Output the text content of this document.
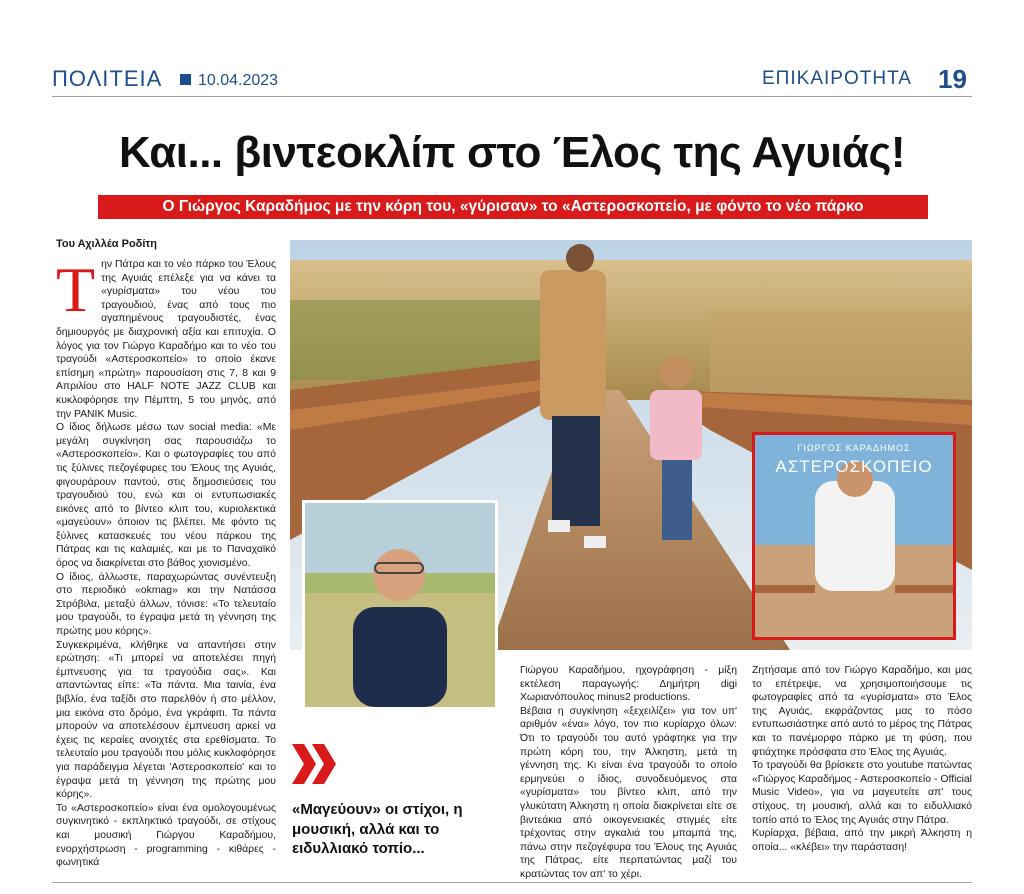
ΠΟΛΙΤΕΙΑ 10.04.2023	ΕΠΙΚΑΙΡΟΤΗΤΑ 19
Και... βιντεοκλίπ στο Έλος της Αγυιάς!
Ο Γιώργος Καραδήμος με την κόρη του, «γύρισαν» το «Αστεροσκοπείο, με φόντο το νέο πάρκο
Του Αχιλλέα Ροδίτη
Τ ην Πάτρα και το νέο πάρκο του Έλους της Αγυιάς επέλεξε για να κάνει τα «γυρίσματα» του νέου του τραγουδιού, ένας από τους πιο αγαπημένους τραγουδιστές, ένας δημιουργός με διαχρονική αξία και επιτυχία. Ο λόγος για τον Γιώργο Καραδήμο και το νέο του τραγούδι «Αστεροσκοπείο» το οποίο έκανε επίσημη «πρώτη» παρουσίαση στις 7, 8 και 9 Απριλίου στο HALF NOTE JAZZ CLUB και κυκλοφόρησε την Πέμπτη, 5 του μηνός, από την PANIK Music.

Ο ίδιος δήλωσε μέσω των social media: «Με μεγάλη συγκίνηση σας παρουσιάζω το «Αστεροσκοπείο». Και ο φωτογραφίες του από τις ξύλινες πεζογέφυρες του Έλους της Αγυιάς, φιγουράρουν παντού, στις δημοσιεύσεις του τραγουδιού του, ενώ και οι εντυπωσιακές εικόνες από το βίντεο κλιπ του, κυριολεκτικά «μαγεύουν» όποιον τις βλέπει. Με φόντο τις ξύλινες κατασκευές του νέου πάρκου της Πάτρας και τις καλαμιές, και με το Παναχαϊκό όρος να διακρίνεται στο βάθος χιονισμένο.

Ο ίδιος, άλλωστε, παραχωρώντας συνέντευξη στο περιοδικό «okmag» και την Νατάσσα Στρόβιλα, μεταξύ άλλων, τόνισε: «Το τελευταίο μου τραγούδι, το έγραψα μετά τη γέννηση της πρώτης μου κόρης».

Συγκεκριμένα, κλήθηκε να απαντήσει στην ερώτηση: «Τι μπορεί να αποτελέσει πηγή έμπνευσης για τα τραγούδια σας». Και απαντώντας είπε: «Τα πάντα. Μια ταινία, ένα βιβλίο, ένα ταξίδι στο παρελθόν ή στο μέλλον, μια εικόνα στο δρόμο, ένα γκράφιτι. Τα πάντα μπορούν να αποτελέσουν έμπνευση αρκεί να έχεις τις κεραίες ανοιχτές στα ερεθίσματα. Το τελευταίο μου τραγούδι που μόλις κυκλοφόρησε για παράδειγμα λέγεται 'Αστεροσκοπείο' και το έγραψα μετά τη γέννηση της πρώτης μου κόρης».

Το «Αστεροσκοπείο» είναι ένα ομολογουμένως συγκινητικό - εκπληκτικό τραγούδι, σε στίχους και μουσική Γιώργου Καραδήμου, ενορχήστρωση - programming - κιθάρες - φωνητικά

ΓΙΩΡΓΟΣ ΚΑΡΑΔΗΜΟΣ
ΑΣΤΕΡΟΣΚΟΠΕΙΟ
«Μαγεύουν» οι στίχοι, η μουσική, αλλά και το ειδυλλιακό τοπίο...

Γιώργου Καραδήμου, ηχογράφηση - μίξη εκτέλεση παραγωγής: Δημήτρη digi Χωριανόπουλος minus2 productions.

Βέβαια η συγκίνηση «ξεχειλίζει» για τον υπ' αριθμόν «ένα» λόγο, τον πιο κυρίαρχο όλων: Ότι το τραγούδι του αυτό γράφτηκε για την πρώτη κόρη του, την Άλκηστη, μετά τη γέννηση της. Κι είναι ένα τραγούδι το οποίο ερμηνεύει ο ίδιος, συνοδευόμενος στα «γυρίσματα» του βίντεο κλιπ, από την γλυκύτατη Άλκηστη η οποία διακρίνεται είτε σε βιντεάκια από οικογενειακές στιγμές είτε τρέχοντας στην αγκαλιά του μπαμπά της, πάνω στην πεζογέφυρα του Έλους της Αγυιάς της Πάτρας, είτε περπατώντας μαζί του κρατώντας τον απ' το χέρι.

Ζητήσαμε από τον Γιώργο Καραδήμο, και μας το επέτρεψε, να χρησιμοποιήσουμε τις φωτογραφίες από τα «γυρίσματα» στο Έλος της Αγυιάς, εκφράζοντας μας το πόσο εντυπωσιάστηκε από αυτό το μέρος της Πάτρας και το πανέμορφο πάρκο με τη φύση, που φτιάχτηκε πρόσφατα στο Έλος της Αγυιάς.

Το τραγούδι θα βρίσκετε στο youtube πατώντας «Γιώργος Καραδήμος - Αστεροσκοπείο - Official Music Video», για να μαγευτείτε απ' τους στίχους, τη μουσική, αλλά και το ειδυλλιακό τοπίο από το Έλος της Αγυιάς στην Πάτρα.

Κυρίαρχα, βέβαια, από την μικρή Άλκηστη η οποία... «κλέβει» την παράσταση!
